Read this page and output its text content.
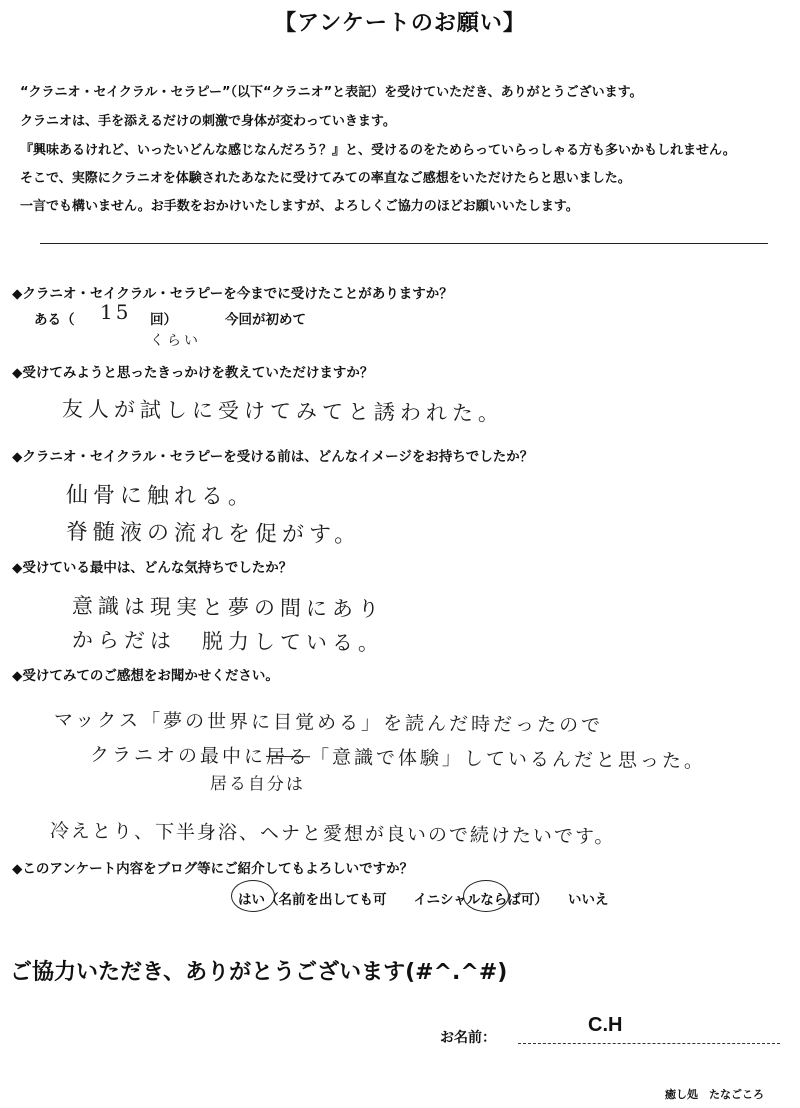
【アンケートのお願い】
“クラニオ・セイクラル・セラピー”（以下“クラニオ”と表記）を受けていただき、ありがとうございます。
クラニオは、手を添えるだけの刺激で身体が変わっていきます。
『興味あるけれど、いったいどんな感じなんだろう？』と、受けるのをためらっていらっしゃる方も多いかもしれません。
そこで、実際にクラニオを体験されたあなたに受けてみての率直なご感想をいただけたらと思いました。
一言でも構いません。お手数をおかけいたしますが、よろしくご協力のほどお願いいたします。
◆クラニオ・セイクラル・セラピーを今までに受けたことがありますか？
ある（ 15 回）
くらい
今回が初めて
◆受けてみようと思ったきっかけを教えていただけますか？
友人が試しに受けてみてと誘われた。
◆クラニオ・セイクラル・セラピーを受ける前は、どんなイメージをお持ちでしたか？
仙骨に触れる。
脊髄液の流れを促がす。
◆受けている最中は、どんな気持ちでしたか？
意識は現実と夢の間にあり
からだは　脱力している。
◆受けてみてのご感想をお聞かせください。
マックス「夢の世界に目覚める」を読んだ時だったので
クラニオの最中に居る「意識で体験」しているんだと思った。
居る自分は
冷えとり、下半身浴、ヘナと愛想が良いので続けたいです。
◆このアンケート内容をブログ等にご紹介してもよろしいですか？
はい（名前を出しても可　　イニシャルならば可）　　いいえ
ご協力いただき、ありがとうございます(#^.^#)
お名前：
C.H
癒し処　たなごころ
